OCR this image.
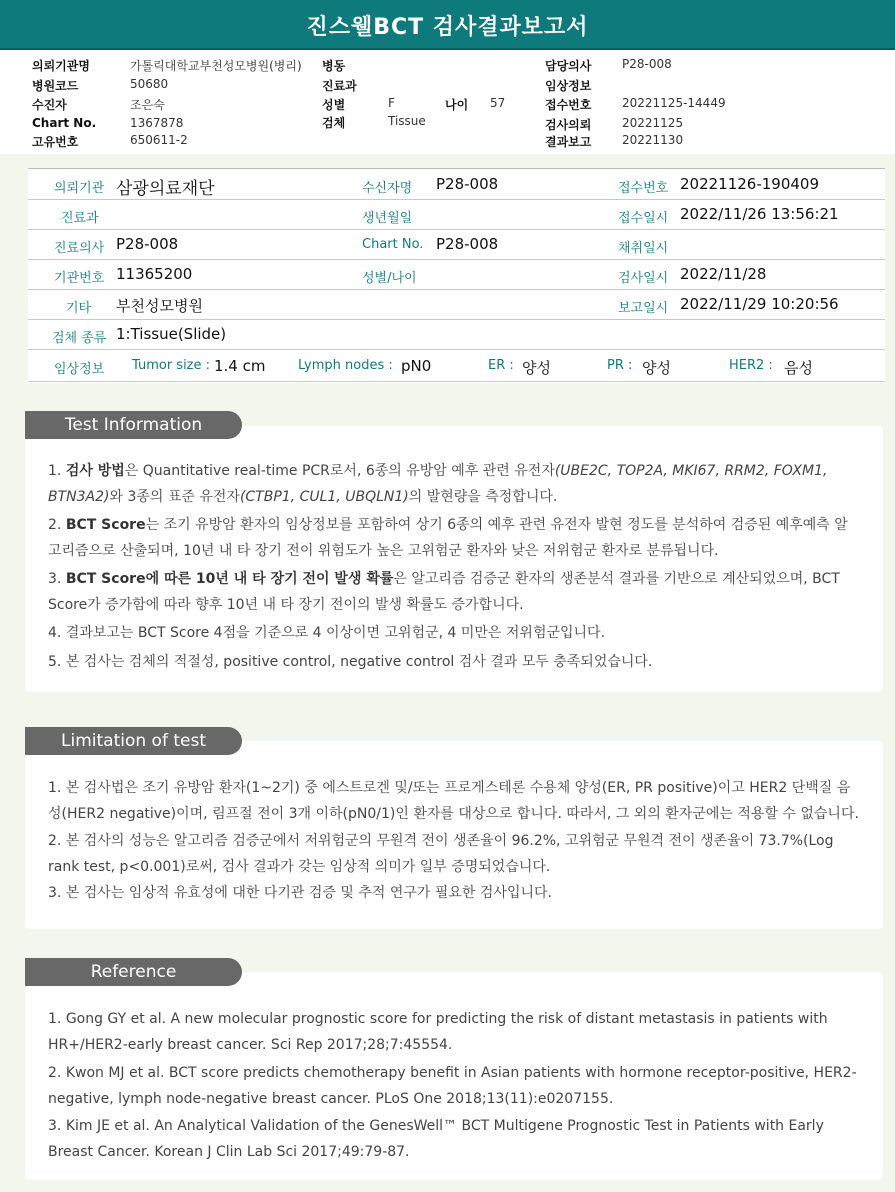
진스웰BCT 검사결과보고서
의뢰기관명	가톨릭대학교부천성모병원(병리)
병원코드	50680
수진자	조은숙
Chart No.	1367878
고유번호	650611-2
병동
진료과
성별	F
검체	Tissue
나이 57
담당의사	P28-008
임상정보
접수번호	20221125-14449
검사의뢰	20221125
결과보고	20221130
의뢰기관 삼광의료재단	수신자명 P28-008	접수번호 20221126-190409
진료과	생년월일	접수일시 2022/11/26 13:56:21
진료의사 P28-008	Chart No. P28-008	채취일시
기관번호 11365200	성별/나이	검사일시 2022/11/28
기타 부천성모병원	보고일시 2022/11/29 10:20:56
검체 종류 1:Tissue(Slide)
임상정보 Tumor size : 1.4 cm	Lymph nodes : pN0	ER : 양성	PR : 양성	HER2 : 음성
Test Information
1. 검사 방법은 Quantitative real-time PCR로서, 6종의 유방암 예후 관련 유전자(UBE2C, TOP2A, MKI67, RRM2, FOXM1, BTN3A2)와 3종의 표준 유전자(CTBP1, CUL1, UBQLN1)의 발현량을 측정합니다.
2. BCT Score는 조기 유방암 환자의 임상정보를 포함하여 상기 6종의 예후 관련 유전자 발현 정도를 분석하여 검증된 예후예측 알고리즘으로 산출되며, 10년 내 타 장기 전이 위험도가 높은 고위험군 환자와 낮은 저위험군 환자로 분류됩니다.
3. BCT Score에 따른 10년 내 타 장기 전이 발생 확률은 알고리즘 검증군 환자의 생존분석 결과를 기반으로 계산되었으며, BCT Score가 증가함에 따라 향후 10년 내 타 장기 전이의 발생 확률도 증가합니다.
4. 결과보고는 BCT Score 4점을 기준으로 4 이상이면 고위험군, 4 미만은 저위험군입니다.
5. 본 검사는 검체의 적절성, positive control, negative control 검사 결과 모두 충족되었습니다.
Limitation of test
1. 본 검사법은 조기 유방암 환자(1~2기) 중 에스트로겐 및/또는 프로게스테론 수용체 양성(ER, PR positive)이고 HER2 단백질 음성(HER2 negative)이며, 림프절 전이 3개 이하(pN0/1)인 환자를 대상으로 합니다. 따라서, 그 외의 환자군에는 적용할 수 없습니다.
2. 본 검사의 성능은 알고리즘 검증군에서 저위험군의 무원격 전이 생존율이 96.2%, 고위험군 무원격 전이 생존율이 73.7%(Log rank test, p<0.001)로써, 검사 결과가 갖는 임상적 의미가 일부 증명되었습니다.
3. 본 검사는 임상적 유효성에 대한 다기관 검증 및 추적 연구가 필요한 검사입니다.
Reference
1. Gong GY et al. A new molecular prognostic score for predicting the risk of distant metastasis in patients with HR+/HER2-early breast cancer. Sci Rep 2017;28;7:45554.
2. Kwon MJ et al. BCT score predicts chemotherapy benefit in Asian patients with hormone receptor-positive, HER2-negative, lymph node-negative breast cancer. PLoS One 2018;13(11):e0207155.
3. Kim JE et al. An Analytical Validation of the GenesWell™ BCT Multigene Prognostic Test in Patients with Early Breast Cancer. Korean J Clin Lab Sci 2017;49:79-87.
